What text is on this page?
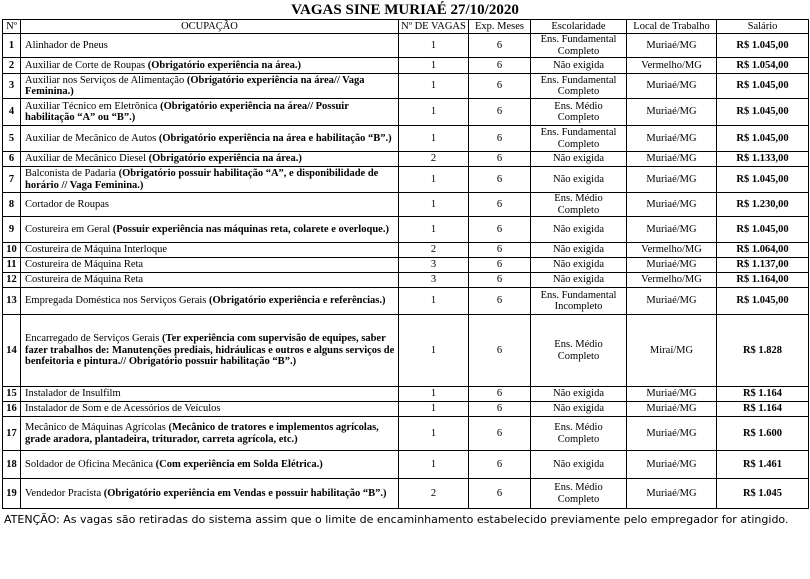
VAGAS SINE MURIAÉ 27/10/2020
Nº	OCUPAÇÃO	Nº DE VAGAS	Exp. Meses	Escolaridade	Local de Trabalho	Salário
1	Alinhador de Pneus	1	6	Ens. Fundamental Completo	Muriaé/MG	R$ 1.045,00
2	Auxiliar de Corte de Roupas (Obrigatório experiência na área.)	1	6	Não exigida	Vermelho/MG	R$ 1.054,00
3	Auxiliar nos Serviços de Alimentação (Obrigatório experiência na área// Vaga Feminina.)	1	6	Ens. Fundamental Completo	Muriaé/MG	R$ 1.045,00
4	Auxiliar Técnico em Eletrônica (Obrigatório experiência na área// Possuir habilitação “A” ou “B”.)	1	6	Ens. Médio Completo	Muriaé/MG	R$ 1.045,00
5	Auxiliar de Mecânico de Autos (Obrigatório experiência na área e habilitação “B”.)	1	6	Ens. Fundamental Completo	Muriaé/MG	R$ 1.045,00
6	Auxiliar de Mecânico Diesel (Obrigatório experiência na área.)	2	6	Não exigida	Muriaé/MG	R$ 1.133,00
7	Balconista de Padaria (Obrigatório possuir habilitação “A”, e disponibilidade de horário // Vaga Feminina.)	1	6	Não exigida	Muriaé/MG	R$ 1.045,00
8	Cortador de Roupas	1	6	Ens. Médio Completo	Muriaé/MG	R$ 1.230,00
9	Costureira em Geral (Possuir experiência nas máquinas reta, colarete e overloque.)	1	6	Não exigida	Muriaé/MG	R$ 1.045,00
10	Costureira de Máquina Interloque	2	6	Não exigida	Vermelho/MG	R$ 1.064,00
11	Costureira de Máquina Reta	3	6	Não exigida	Muriaé/MG	R$ 1.137,00
12	Costureira de Máquina Reta	3	6	Não exigida	Vermelho/MG	R$ 1.164,00
13	Empregada Doméstica nos Serviços Gerais (Obrigatório experiência e referências.)	1	6	Ens. Fundamental Incompleto	Muriaé/MG	R$ 1.045,00
14	Encarregado de Serviços Gerais (Ter experiência com supervisão de equipes, saber fazer trabalhos de: Manutenções prediais, hidráulicas e outros e alguns serviços de benfeitoria e pintura.// Obrigatório possuir habilitação “B”.)	1	6	Ens. Médio Completo	Miraí/MG	R$ 1.828
15	Instalador de Insulfilm	1	6	Não exigida	Muriaé/MG	R$ 1.164
16	Instalador de Som e de Acessórios de Veículos	1	6	Não exigida	Muriaé/MG	R$ 1.164
17	Mecânico de Máquinas Agrícolas (Mecânico de tratores e implementos agrícolas, grade aradora, plantadeira, triturador, carreta agrícola, etc.)	1	6	Ens. Médio Completo	Muriaé/MG	R$ 1.600
18	Soldador de Oficina Mecânica (Com experiência em Solda Elétrica.)	1	6	Não exigida	Muriaé/MG	R$ 1.461
19	Vendedor Pracista (Obrigatório experiência em Vendas e possuir habilitação “B”.)	2	6	Ens. Médio Completo	Muriaé/MG	R$ 1.045
ATENÇÃO: As vagas são retiradas do sistema assim que o limite de encaminhamento estabelecido previamente pelo empregador for atingido.
